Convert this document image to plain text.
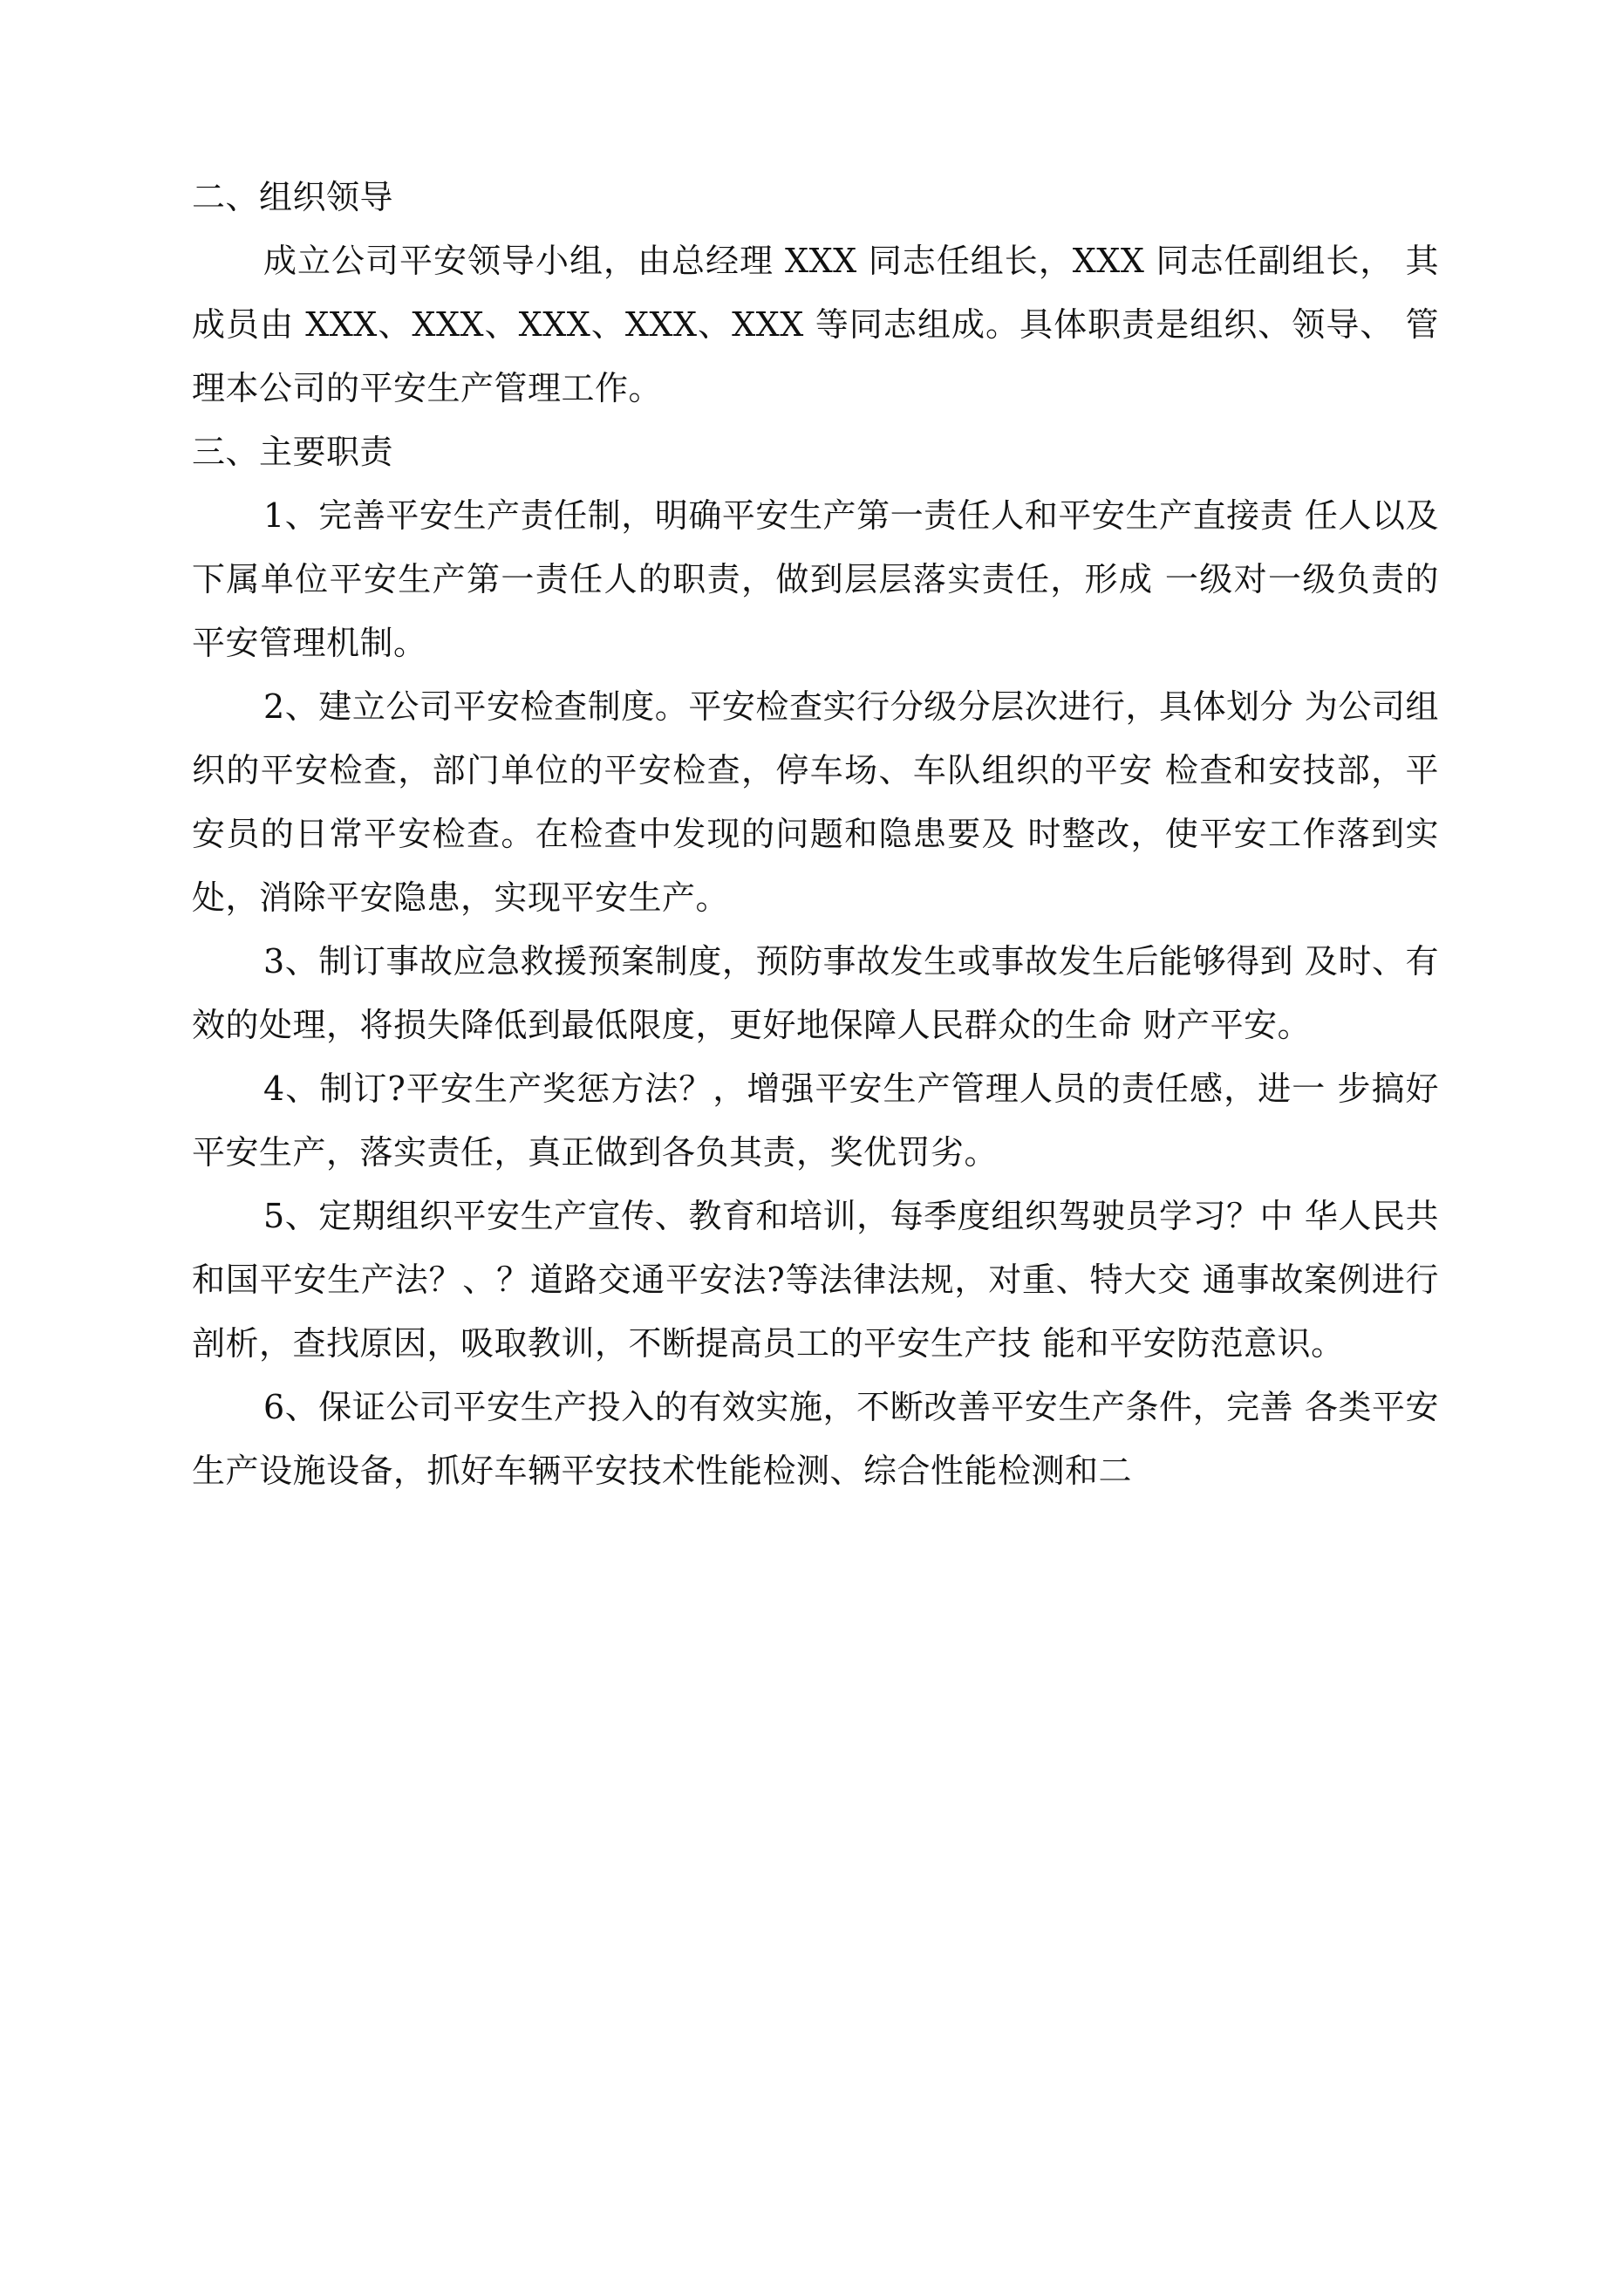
二、组织领导

成立公司平安领导小组，由总经理 XXX 同志任组长，XXX 同志任副组长， 其成员由 XXX、XXX、XXX、XXX、XXX 等同志组成。具体职责是组织、领导、 管理本公司的平安生产管理工作。

三、主要职责

1、完善平安生产责任制，明确平安生产第一责任人和平安生产直接责 任人以及下属单位平安生产第一责任人的职责，做到层层落实责任，形成 一级对一级负责的平安管理机制。

2、建立公司平安检查制度。平安检查实行分级分层次进行，具体划分 为公司组织的平安检查，部门单位的平安检查，停车场、车队组织的平安 检查和安技部，平安员的日常平安检查。在检查中发现的问题和隐患要及 时整改，使平安工作落到实处，消除平安隐患，实现平安生产。

3、制订事故应急救援预案制度，预防事故发生或事故发生后能够得到 及时、有效的处理，将损失降低到最低限度，更好地保障人民群众的生命 财产平安。

4、制订?平安生产奖惩方法？，增强平安生产管理人员的责任感，进一 步搞好平安生产，落实责任，真正做到各负其责，奖优罚劣。

5、定期组织平安生产宣传、教育和培训，每季度组织驾驶员学习？中 华人民共和国平安生产法？、？道路交通平安法?等法律法规，对重、特大交 通事故案例进行剖析，查找原因，吸取教训，不断提高员工的平安生产技 能和平安防范意识。

6、保证公司平安生产投入的有效实施，不断改善平安生产条件，完善 各类平安生产设施设备，抓好车辆平安技术性能检测、综合性能检测和二
